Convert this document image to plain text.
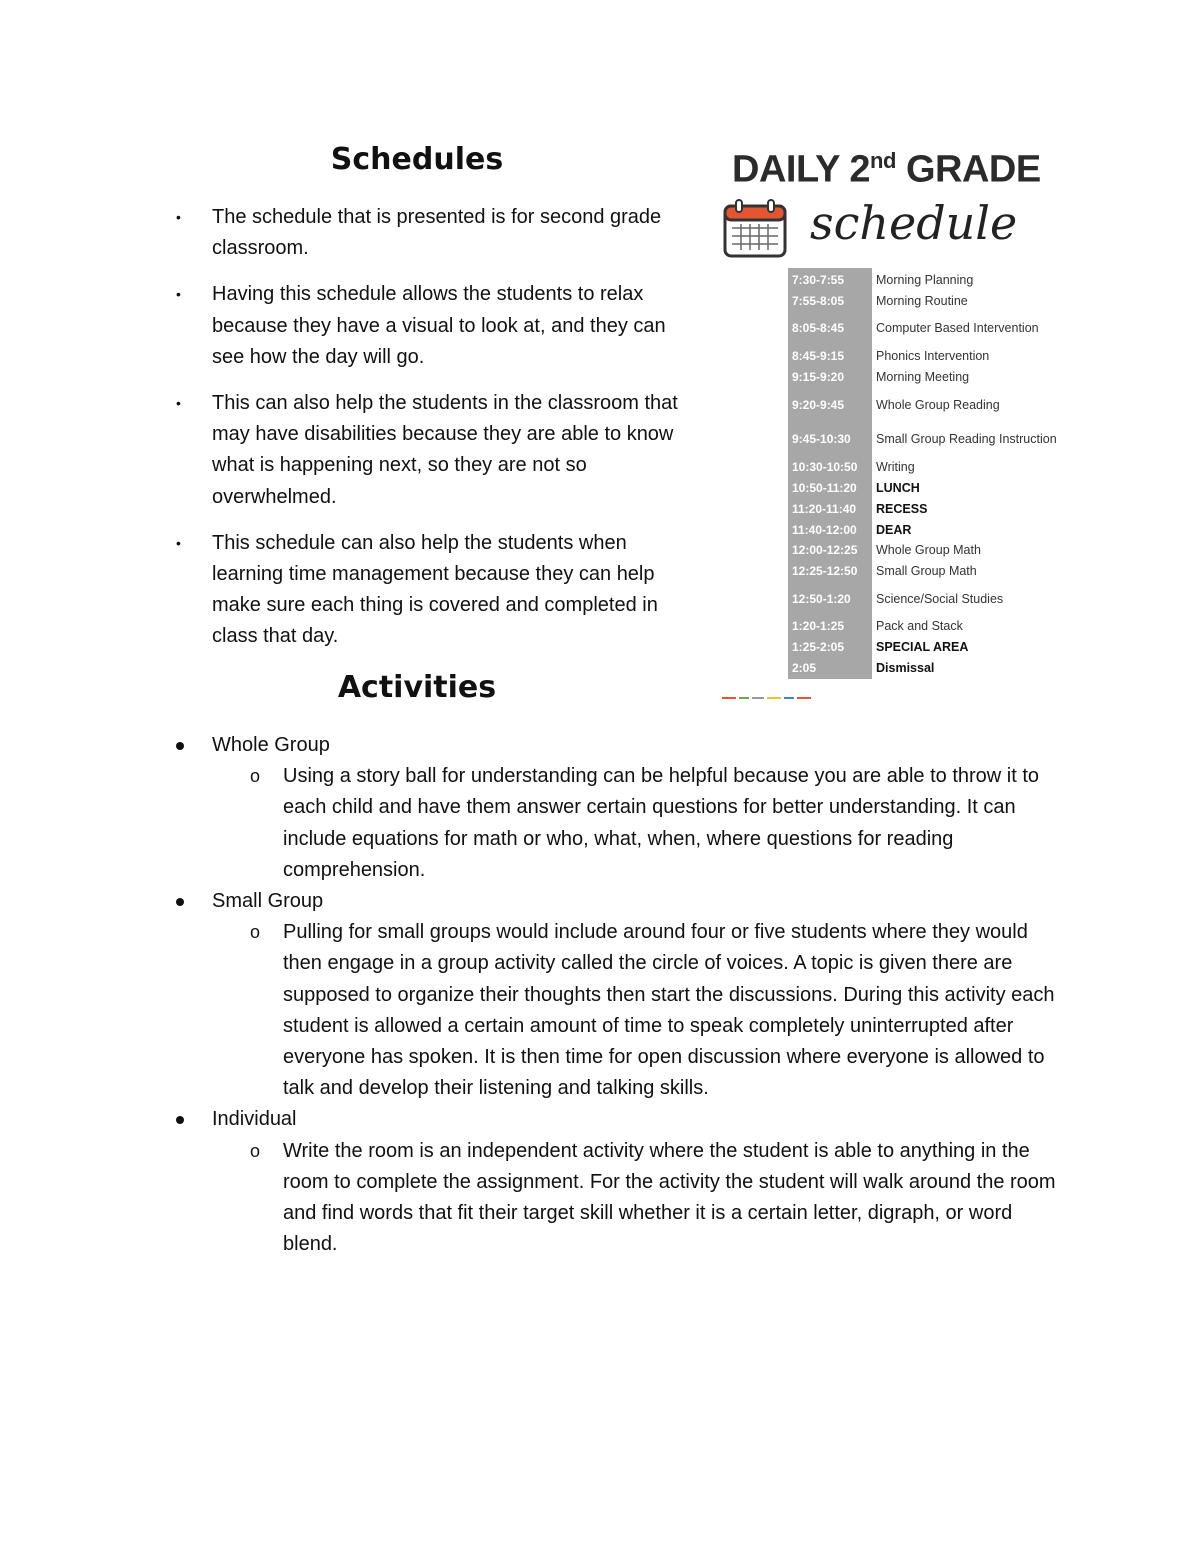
Schedules
• The schedule that is presented is for second grade classroom.
• Having this schedule allows the students to relax because they have a visual to look at, and they can see how the day will go.
• This can also help the students in the classroom that may have disabilities because they are able to know what is happening next, so they are not so overwhelmed.
• This schedule can also help the students when learning time management because they can help make sure each thing is covered and completed in class that day.
DAILY 2nd GRADE
schedule
7:30-7:55	Morning Planning
7:55-8:05	Morning Routine
8:05-8:45	Computer Based Intervention
8:45-9:15	Phonics Intervention
9:15-9:20	Morning Meeting
9:20-9:45	Whole Group Reading
9:45-10:30	Small Group Reading Instruction
10:30-10:50	Writing
10:50-11:20	LUNCH
11:20-11:40	RECESS
11:40-12:00	DEAR
12:00-12:25	Whole Group Math
12:25-12:50	Small Group Math
12:50-1:20	Science/Social Studies
1:20-1:25	Pack and Stack
1:25-2:05	SPECIAL AREA
2:05	Dismissal
Activities
Whole Group
o Using a story ball for understanding can be helpful because you are able to throw it to each child and have them answer certain questions for better understanding. It can include equations for math or who, what, when, where questions for reading comprehension.
Small Group
o Pulling for small groups would include around four or five students where they would then engage in a group activity called the circle of voices. A topic is given there are supposed to organize their thoughts then start the discussions. During this activity each student is allowed a certain amount of time to speak completely uninterrupted after everyone has spoken. It is then time for open discussion where everyone is allowed to talk and develop their listening and talking skills.
Individual
o Write the room is an independent activity where the student is able to anything in the room to complete the assignment. For the activity the student will walk around the room and find words that fit their target skill whether it is a certain letter, digraph, or word blend.
